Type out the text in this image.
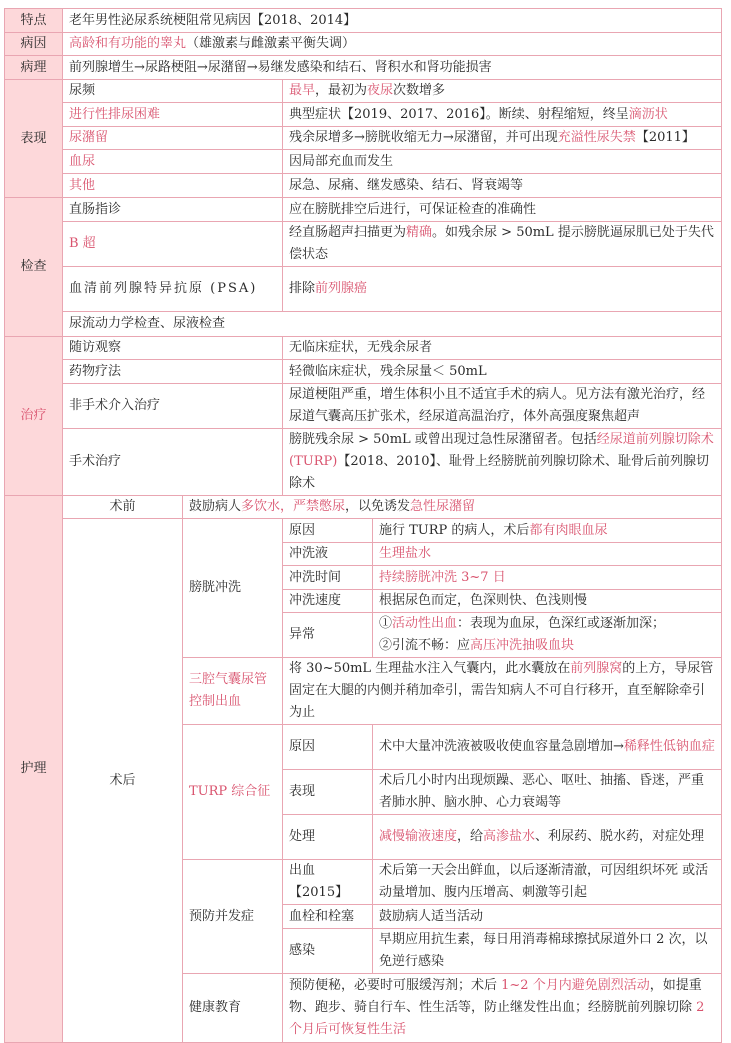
特点	老年男性泌尿系统梗阻常见病因【2018、2014】			
病因	高龄和有功能的睾丸（雄激素与雌激素平衡失调）			
病理	前列腺增生→尿路梗阻→尿潴留→易继发感染和结石、肾积水和肾功能损害			
表现	尿频		最早，最初为夜尿次数增多	
	进行性排尿困难		典型症状【2019、2017、2016】。断续、射程缩短，终呈滴沥状	
	尿潴留		残余尿增多→膀胱收缩无力→尿潴留，并可出现充溢性尿失禁【2011】	
	血尿		因局部充血而发生	
	其他		尿急、尿痛、继发感染、结石、肾衰竭等	
检查	直肠指诊		应在膀胱排空后进行，可保证检查的准确性	
	B 超		经直肠超声扫描更为精确。如残余尿 > 50mL 提示膀胱逼尿肌已处于失代偿状态	
	血清前列腺特异抗原 (PSA)		排除前列腺癌	
	尿流动力学检查、尿液检查			
治疗	随访观察		无临床症状，无残余尿者	
	药物疗法		轻微临床症状，残余尿量＜ 50mL	
	非手术介入治疗		尿道梗阻严重，增生体积小且不适宜手术的病人。见方法有激光治疗，经尿道气囊高压扩张术，经尿道高温治疗，体外高强度聚焦超声	
	手术治疗		膀胱残余尿 > 50mL 或曾出现过急性尿潴留者。包括经尿道前列腺切除术 (TURP)【2018、2010】、耻骨上经膀胱前列腺切除术、耻骨后前列腺切除术	
护理	术前	鼓励病人多饮水，严禁憋尿，以免诱发急性尿潴留		
	术后	膀胱冲洗	原因	施行 TURP 的病人，术后都有肉眼血尿
			冲洗液	生理盐水
			冲洗时间	持续膀胱冲洗 3~7 日
			冲洗速度	根据尿色而定，色深则快、色浅则慢
			异常	①活动性出血：表现为血尿，色深红或逐渐加深；
②引流不畅：应高压冲洗抽吸血块

		三腔气囊尿管控制出血	将 30~50mL 生理盐水注入气囊内，此水囊放在前列腺窝的上方，导尿管固定在大腿的内侧并稍加牵引，需告知病人不可自行移开，直至解除牵引为止	
		TURP 综合征	原因	术中大量冲洗液被吸收使血容量急剧增加→稀释性低钠血症
			表现	术后几小时内出现烦躁、恶心、呕吐、抽搐、昏迷，严重者肺水肿、脑水肿、心力衰竭等
			处理	减慢输液速度，给高渗盐水、利尿药、脱水药，对症处理
		预防并发症	出血【2015】	术后第一天会出鲜血，以后逐渐清澈，可因组织坏死 或活动量增加、腹内压增高、刺激等引起
			血栓和栓塞	鼓励病人适当活动
			感染	早期应用抗生素，每日用消毒棉球擦拭尿道外口 2 次，以免逆行感染
		健康教育	预防便秘，必要时可服缓泻剂；术后 1~2 个月内避免剧烈活动，如提重物、跑步、骑自行车、性生活等，防止继发性出血；经膀胱前列腺切除 2 个月后可恢复性生活	
